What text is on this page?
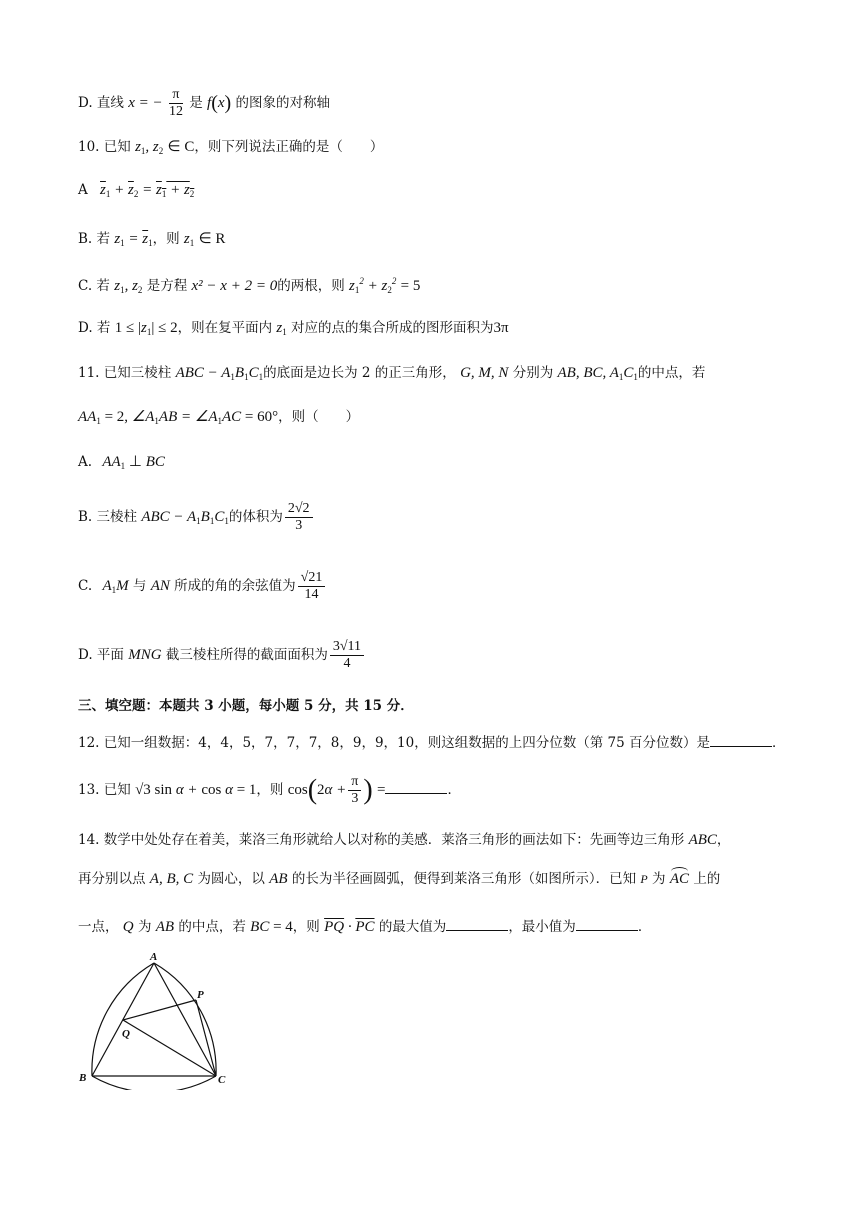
D. 直线 x = − $\frac{\pi}{12}$ 是 f(x) 的图象的对称轴
10. 已知 $z_1$, $z_2$ ∈ C，则下列说法正确的是（　　）
A $\overline{z}_1 + \overline{z}_2 = z_1 + z_2$
B. 若 $z_1 = \overline{z}_1$，则 $z_1$ ∈ R
C. 若 $z_1$, $z_2$ 是方程 x² − x + 2 = 0的两根，则 $z_1^2 + z_2^2 = 5$
D. 若 $1 \le |z_1| \le 2$，则在复平面内 $z_1$ 对应的点的集合所成的图形面积为3π
11. 已知三棱柱 ABC − $A_1B_1C_1$的底面是边长为 2 的正三角形， G, M, N 分别为 AB, BC, $A_1C_1$的中点，若
$AA_1 = 2$, $\angle A_1AB$ = $\angle A_1AC = 60^\circ$，则（　　）
A. $AA_1$ ⊥ BC
B. 三棱柱 ABC − $A_1B_1C_1$的体积为 $\frac{2√2}{3}$
C. $A_1M$ 与 AN 所成的角的余弦值为 $\frac{√21}{14}$
D. 平面 MNG 截三棱柱所得的截面面积为 $\frac{3√11}{4}$
三、填空题：本题共 3 小题，每小题 5 分，共 15 分．
12. 已知一组数据：4，4，5，7，7，7，8，9，9，10，则这组数据的上四分位数（第 75 百分位数）是	．
13. 已知 √3 sin α + cos α = 1，则 $\cos(2\alpha + \frac{\pi}{3}$ ) =	．
14. 数学中处处存在着美，莱洛三角形就给人以对称的美感．莱洛三角形的画法如下：先画等边三角形 ABC，
再分别以点 A, B, C 为圆心，以 AB 的长为半径画圆弧，便得到莱洛三角形（如图所示）．已知 P 为 AC 上的
一点， Q 为 AB 的中点，若 BC = 4，则 $\overline{PQ} \cdot \overline{PC}$ 的最大值为	，最小值为	．
A
B	C
P
Q
